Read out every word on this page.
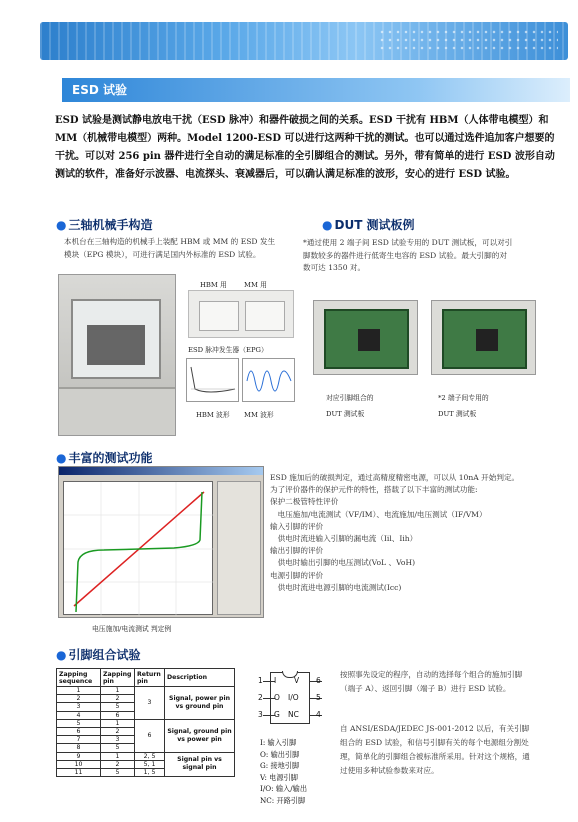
ESD 试验
ESD 试验是测试静电放电干扰（ESD 脉冲）和器件破损之间的关系。ESD 干扰有 HBM（人体带电模型）和 MM（机械带电模型）两种。Model 1200-ESD 可以进行这两种干扰的测试。也可以通过选件追加客户想要的干扰。可以对 256 pin 器件进行全自动的满足标准的全引脚组合的测试。另外，带有简单的进行 ESD 波形自动测试的软件，准备好示波器、电流探头、衰减器后，可以确认满足标准的波形，安心的进行 ESD 试验。
● 三轴机械手构造
本机台在三轴构造的机械手上装配 HBM 或 MM 的 ESD 发生模块（EPG 模块），可进行满足国内外标准的 ESD 试验。
HBM 用	MM 用
ESD 脉冲发生器（EPG）
HBM 波形 MM 波形
● DUT 测试板例
*通过使用 2 端子间 ESD 试验专用的 DUT 测试板，可以对引脚数较多的器件进行低寄生电容的 ESD 试验。最大引脚的对数可达 1350 对。
对应引脚组合的
DUT 测试板
*2 端子间专用的
DUT 测试板
● 丰富的测试功能
电压施加/电流测试 判定例
ESD 施加后的破损判定，通过高精度精密电源，可以从 10nA 开始判定。
为了评价器件的保护元件的特性，搭载了以下丰富的测试功能:
保护二极管特性评价
　电压施加/电流测试（VF/IM）、电流施加/电压测试（IF/VM）
输入引脚的评价
　供电时流进输入引脚的漏电流（Iil、Iih）
输出引脚的评价
　供电时输出引脚的电压测试(VoL 、VoH)
电源引脚的评价
　供电时流进电源引脚的电流测试(Icc)
● 引脚组合试验
Zapping sequence	Zapping pin	Return pin	Description
1	1	3	Signal, power pin vs ground pin
2	2		
3	5		
4	6		
5	1	6	Signal, ground pin vs power pin
6	2		
7	3		
8	5		
9	1	2, 5	Signal pin vs signal pin
10	2	5, 1	
11	5	1, 5	
1
2
3
I
O
G
V
I/O
NC
6
5
4
I: 输入引脚
O: 输出引脚
G: 接地引脚
V: 电源引脚
I/O: 输入/输出
NC: 开路引脚
按照事先设定的程序，自动的选择每个组合的施加引脚（端子 A）、返回引脚（端子 B）进行 ESD 试验。
自 ANSI/ESDA/JEDEC JS-001-2012 以后，有关引脚组合的 ESD 试验，和信号引脚有关的每个电源组分割处理，简单化的引脚组合被标准所采用。针对这个规格，通过使用多种试验参数来对应。
